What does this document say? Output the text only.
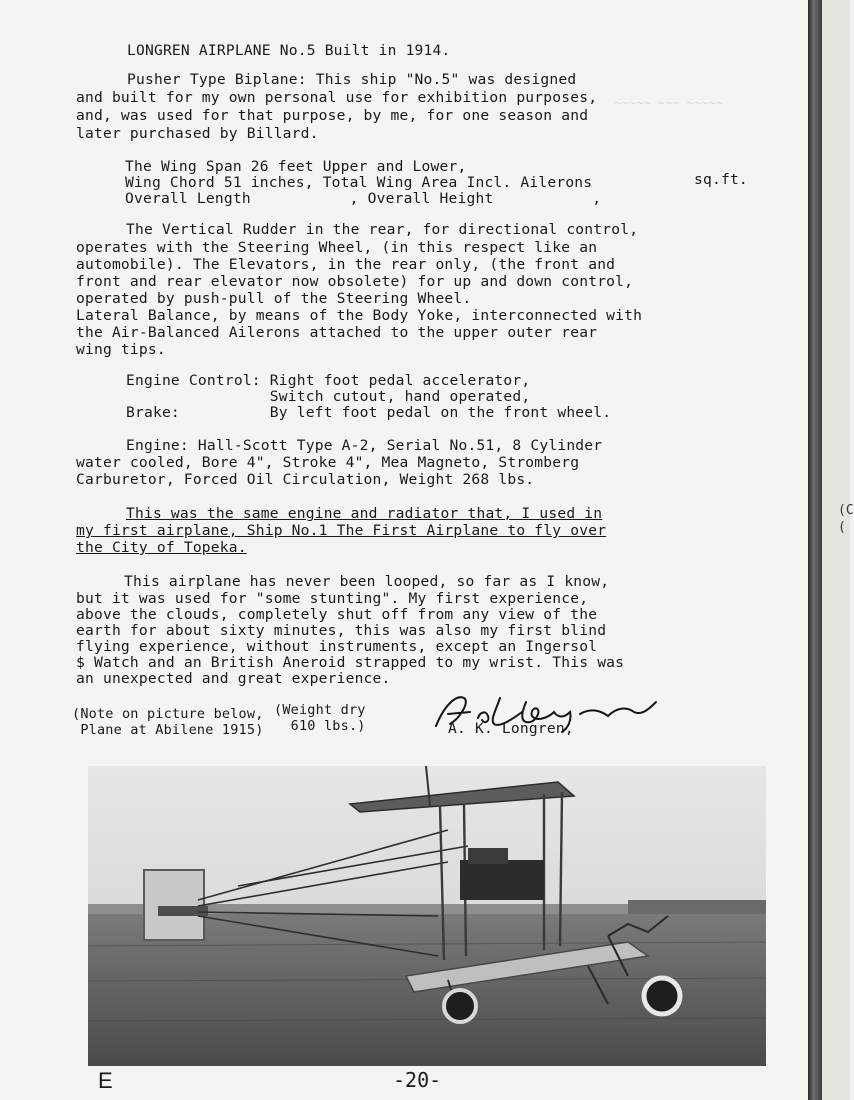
~~~~~ ~~~ ~~~~~
LONGREN AIRPLANE No.5 Built in 1914.
Pusher Type Biplane: This ship "No.5" was designed
and built for my own personal use for exhibition purposes,
and, was used for that purpose, by me, for one season and
later purchased by Billard.
The Wing Span 26 feet Upper and Lower,
Wing Chord 51 inches, Total Wing Area Incl. Ailerons	sq.ft.
Overall Length           , Overall Height           ,
The Vertical Rudder in the rear, for directional control,
operates with the Steering Wheel, (in this respect like an
automobile). The Elevators, in the rear only, (the front and
front and rear elevator now obsolete) for up and down control,
operated by push-pull of the Steering Wheel.
Lateral Balance, by means of the Body Yoke, interconnected with
the Air-Balanced Ailerons attached to the upper outer rear
wing tips.
Engine Control: Right foot pedal accelerator,
Switch cutout, hand operated,
Brake:          By left foot pedal on the front wheel.
Engine: Hall-Scott Type A-2, Serial No.51, 8 Cylinder
water cooled, Bore 4", Stroke 4", Mea Magneto, Stromberg
Carburetor, Forced Oil Circulation, Weight 268 lbs.
This was the same engine and radiator that, I used in
my first airplane, Ship No.1 The First Airplane to fly over
the City of Topeka.
This airplane has never been looped, so far as I know,
but it was used for "some stunting". My first experience,
above the clouds, completely shut off from any view of the
earth for about sixty minutes, this was also my first blind
flying experience, without instruments, except an Ingersol
$ Watch and an British Aneroid strapped to my wrist. This was
an unexpected and great experience.
(Note on picture below,
Plane at Abilene 1915)
(Weight dry
610 lbs.)	A. K. Longren,
E	-20-
(C
(
